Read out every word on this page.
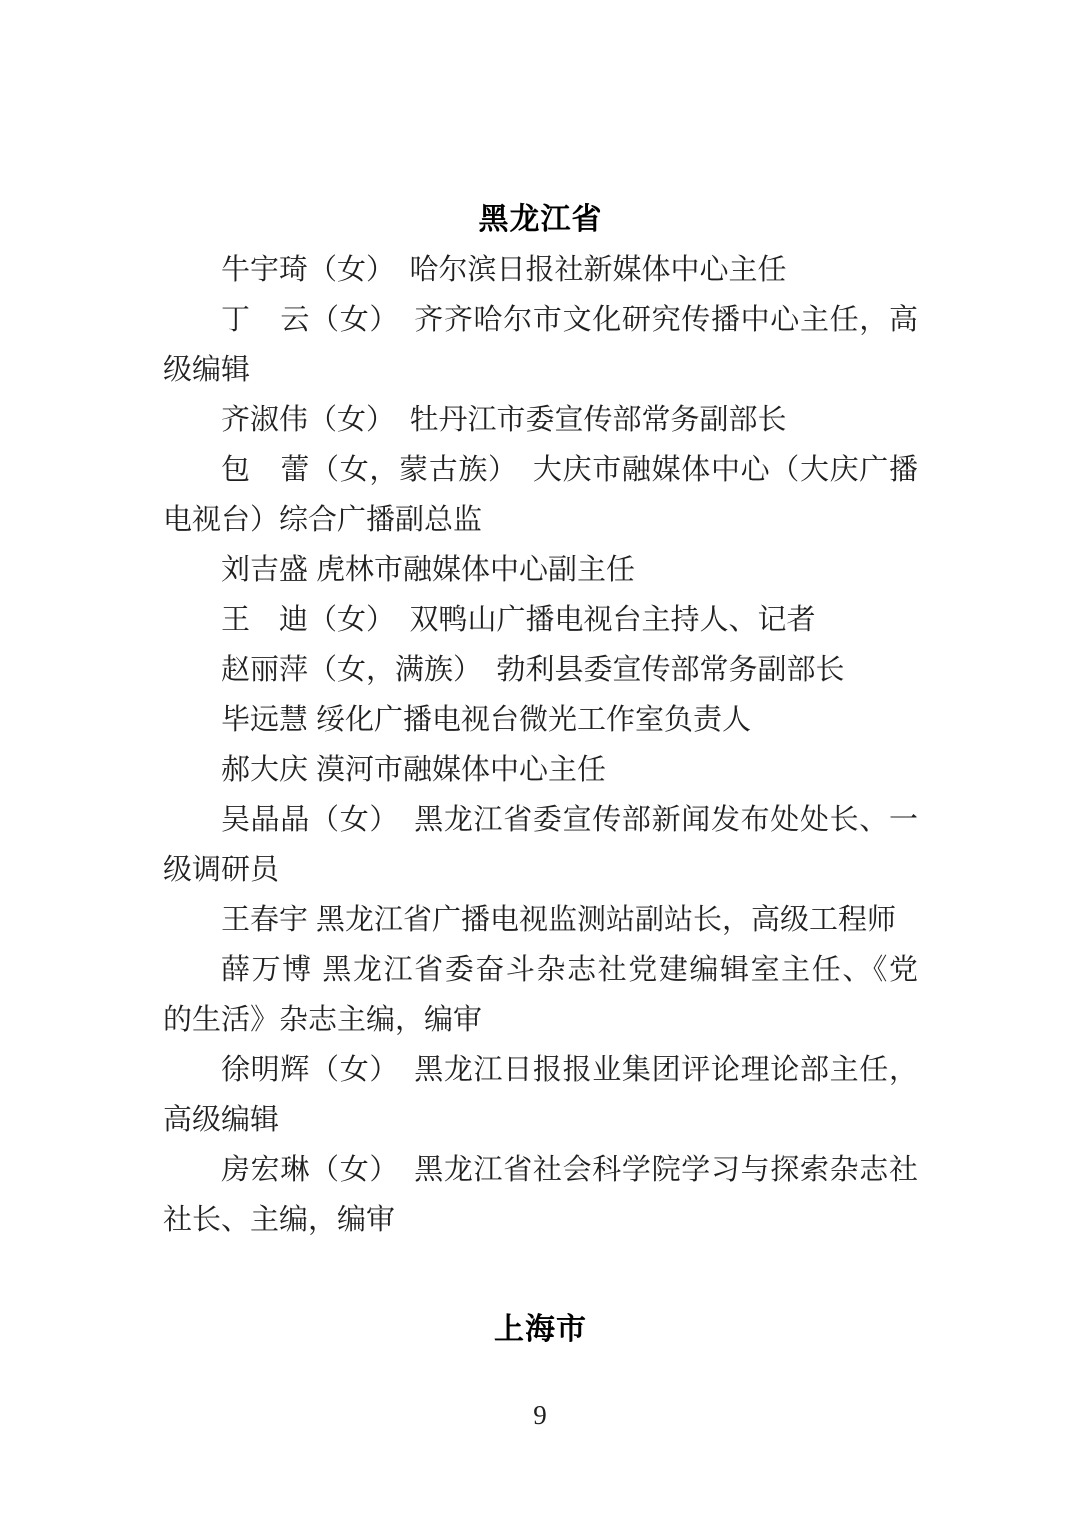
黑龙江省
牛宇琦（女）　哈尔滨日报社新媒体中心主任
丁　云（女）　齐齐哈尔市文化研究传播中心主任，高
级编辑
齐淑伟（女）　牡丹江市委宣传部常务副部长
包　蕾（女，蒙古族）　大庆市融媒体中心（大庆广播
电视台）综合广播副总监
刘吉盛 虎林市融媒体中心副主任
王　迪（女）　双鸭山广播电视台主持人、记者
赵丽萍（女，满族）　勃利县委宣传部常务副部长
毕远慧 绥化广播电视台微光工作室负责人
郝大庆 漠河市融媒体中心主任
吴晶晶（女）　黑龙江省委宣传部新闻发布处处长、一
级调研员
王春宇 黑龙江省广播电视监测站副站长，高级工程师
薛万博 黑龙江省委奋斗杂志社党建编辑室主任、《党
的生活》杂志主编，编审
徐明辉（女）　黑龙江日报报业集团评论理论部主任，
高级编辑
房宏琳（女）　黑龙江省社会科学院学习与探索杂志社
社长、主编，编审
上海市
9
